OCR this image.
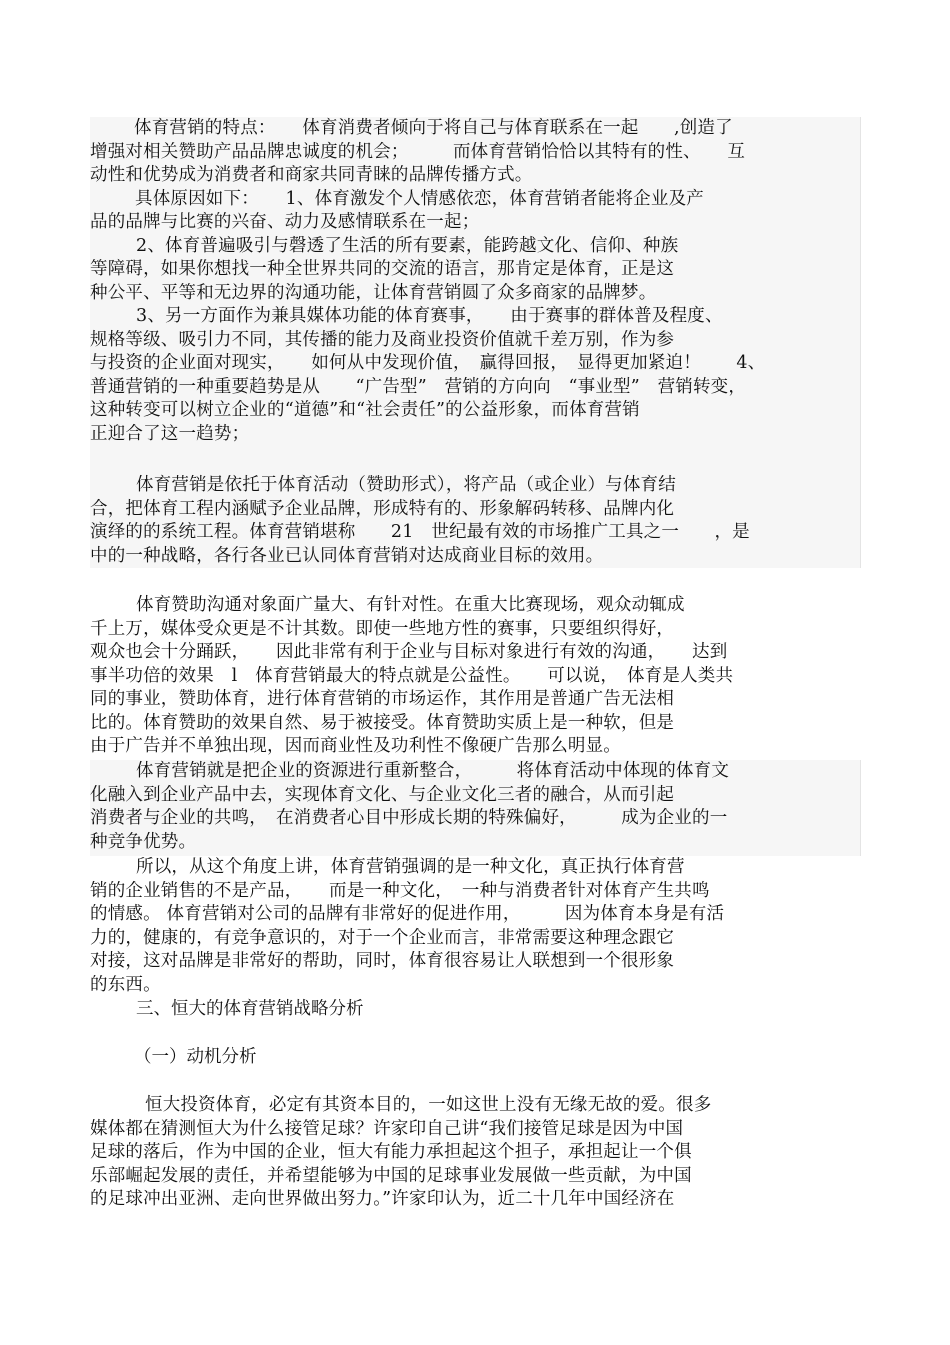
体育营销的特点：　　体育消费者倾向于将自己与体育联系在一起　　,创造了
增强对相关赞助产品品牌忠诚度的机会；　　　而体育营销恰恰以其特有的性、　　互
动性和优势成为消费者和商家共同青睐的品牌传播方式。
具体原因如下：　　1、体育激发个人情感依恋，体育营销者能将企业及产
品的品牌与比赛的兴奋、动力及感情联系在一起；
2、体育普遍吸引与磬透了生活的所有要素，能跨越文化、信仰、种族
等障碍，如果你想找一种全世界共同的交流的语言，那肯定是体育，正是这
种公平、平等和无边界的沟通功能，让体育营销圆了众多商家的品牌梦。
3、另一方面作为兼具媒体功能的体育赛事，　　由于赛事的群体普及程度、
规格等级、吸引力不同，其传播的能力及商业投资价值就千差万别，作为参
与投资的企业面对现实，　　如何从中发现价值，　赢得回报，　显得更加紧迫！　　4、
普通营销的一种重要趋势是从　　“广告型”　营销的方向向　“事业型”　营销转变，
这种转变可以树立企业的“道德”和“社会责任”的公益形象，而体育营销
正迎合了这一趋势；
体育营销是依托于体育活动（赞助形式），将产品（或企业）与体育结
合，把体育工程内涵赋予企业品牌，形成特有的、形象解码转移、品牌内化
演绎的的系统工程。体育营销堪称　　21　世纪最有效的市场推广工具之一　　，是
中的一种战略，各行各业已认同体育营销对达成商业目标的效用。
体育赞助沟通对象面广量大、有针对性。在重大比赛现场，观众动辄成
千上万，媒体受众更是不计其数。即使一些地方性的赛事，只要组织得好，
观众也会十分踊跃，　　因此非常有利于企业与目标对象进行有效的沟通，　　达到
事半功倍的效果　l　体育营销最大的特点就是公益性。　　可以说，　体育是人类共
同的事业，赞助体育，进行体育营销的市场运作，其作用是普通广告无法相
比的。体育赞助的效果自然、易于被接受。体育赞助实质上是一种软，但是
由于广告并不单独出现，因而商业性及功利性不像硬广告那么明显。
体育营销就是把企业的资源进行重新整合，　　　将体育活动中体现的体育文
化融入到企业产品中去，实现体育文化、与企业文化三者的融合，从而引起
消费者与企业的共鸣，　在消费者心目中形成长期的特殊偏好，　　　成为企业的一
种竞争优势。
所以，从这个角度上讲，体育营销强调的是一种文化，真正执行体育营
销的企业销售的不是产品，　　而是一种文化，　一种与消费者针对体育产生共鸣
的情感。 体育营销对公司的品牌有非常好的促进作用，　　　因为体育本身是有活
力的，健康的，有竞争意识的，对于一个企业而言，非常需要这种理念跟它
对接，这对品牌是非常好的帮助，同时，体育很容易让人联想到一个很形象
的东西。
三、恒大的体育营销战略分析
（一）动机分析
恒大投资体育，必定有其资本目的，一如这世上没有无缘无故的爱。很多
媒体都在猜测恒大为什么接管足球？许家印自己讲“我们接管足球是因为中国
足球的落后，作为中国的企业，恒大有能力承担起这个担子，承担起让一个俱
乐部崛起发展的责任，并希望能够为中国的足球事业发展做一些贡献，为中国
的足球冲出亚洲、走向世界做出努力。”许家印认为，近二十几年中国经济在
